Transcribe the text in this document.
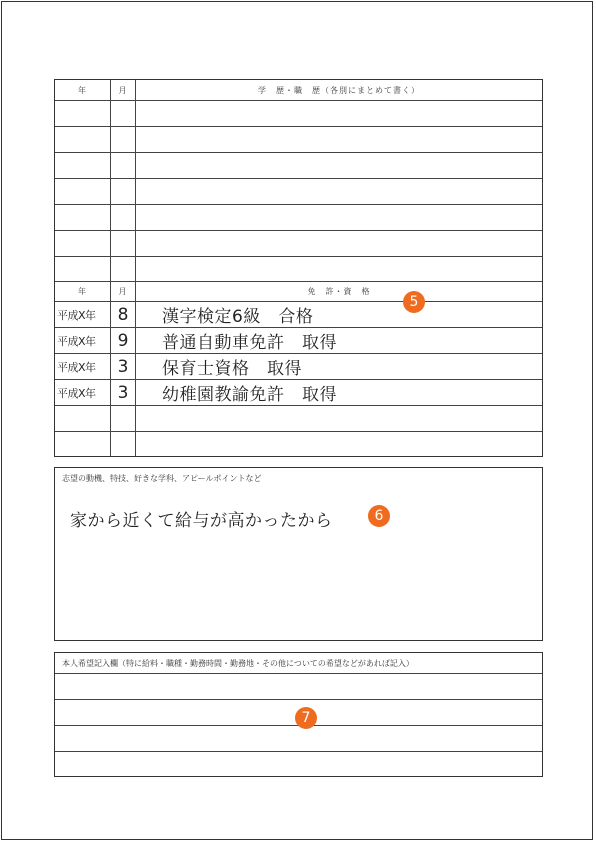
年	月	学　歴・職　歴（各別にまとめて書く）
年	月	免　許・資　格
平成X年	8	漢字検定6級　合格
平成X年	9	普通自動車免許　取得
平成X年	3	保育士資格　取得
平成X年	3	幼稚園教諭免許　取得
5
志望の動機、特技、好きな学科、アピールポイントなど
家から近くて給与が高かったから	6
本人希望記入欄（特に給料・職種・勤務時間・勤務地・その他についての希望などがあれば記入）
7
